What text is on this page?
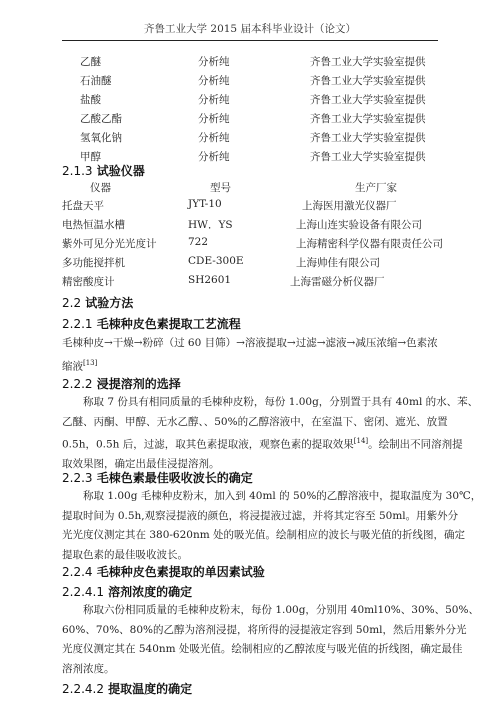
齐鲁工业大学 2015 届本科毕业设计（论文）
乙醚	分析纯	齐鲁工业大学实验室提供
石油醚	分析纯	齐鲁工业大学实验室提供
盐酸	分析纯	齐鲁工业大学实验室提供
乙酸乙酯	分析纯	齐鲁工业大学实验室提供
氢氧化钠	分析纯	齐鲁工业大学实验室提供
甲醇	分析纯	齐鲁工业大学实验室提供
2.1.3 试验仪器
仪器	型号	生产厂家
托盘天平	JYT-10	上海医用激光仪器厂
电热恒温水槽	HW．YS	上海山连实验设备有限公司
紫外可见分光光度计	722	上海精密科学仪器有限责任公司
多功能搅拌机	CDE-300E	上海帅佳有限公司
精密酸度计	SH2601	上海雷磁分析仪器厂
2.2 试验方法
2.2.1 毛栜种皮色素提取工艺流程
毛栜种皮→干燥→粉碎（过 60 目筛）→溶液提取→过滤→滤液→减压浓缩→色素浓
缩液[13]
2.2.2 浸提溶剂的选择
称取 7 份具有相同质量的毛栜种皮粉，每份 1.00g，分别置于具有 40ml 的水、苯、
乙醚、丙酮、甲醇、无水乙醇、、50%的乙醇溶液中，在室温下、密闭、遮光、放置
0.5h，0.5h 后，过滤，取其色素提取液，观察色素的提取效果[14]。绘制出不同溶剂提
取效果图，确定出最佳浸提溶剂。
2.2.3 毛栜色素最佳吸收波长的确定
称取 1.00g 毛栜种皮粉末，加入到 40ml 的 50%的乙醇溶液中，提取温度为 30℃，
提取时间为 0.5h,观察浸提液的颜色，将浸提液过滤，并将其定容至 50ml。用紫外分
光光度仪测定其在 380-620nm 处的吸光值。绘制相应的波长与吸光值的折线图，确定
提取色素的最佳吸收波长。
2.2.4 毛栜种皮色素提取的单因素试验
2.2.4.1 溶剂浓度的确定
称取六份相同质量的毛栜种皮粉末，每份 1.00g，分别用 40ml10%、30%、50%、
60%、70%、80%的乙醇为溶剂浸提，将所得的浸提液定容到 50ml，然后用紫外分光
光度仪测定其在 540nm 处吸光值。绘制相应的乙醇浓度与吸光值的折线图，确定最佳
溶剂浓度。
2.2.4.2 提取温度的确定
